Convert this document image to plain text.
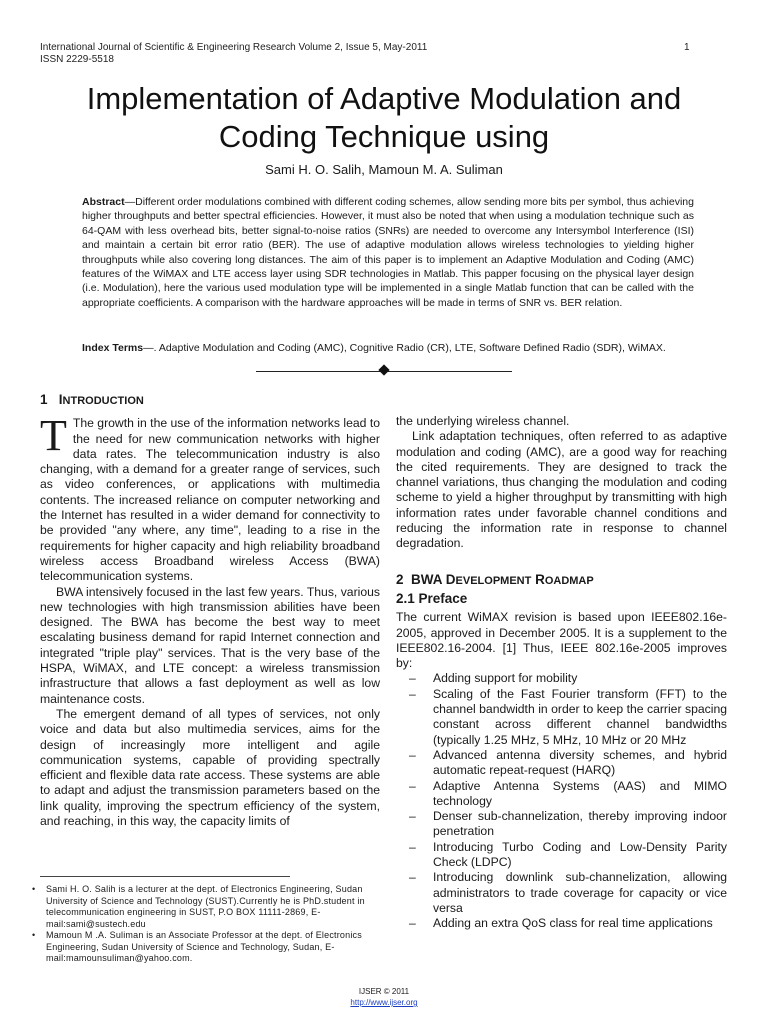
International Journal of Scientific & Engineering Research Volume 2, Issue 5, May-2011
ISSN 2229-5518
1
Implementation of Adaptive Modulation and
Coding Technique using
Sami H. O. Salih, Mamoun M. A. Suliman
Abstract—Different order modulations combined with different coding schemes, allow sending more bits per symbol, thus achieving higher throughputs and better spectral efficiencies. However, it must also be noted that when using a modulation technique such as 64-QAM with less overhead bits, better signal-to-noise ratios (SNRs) are needed to overcome any Intersymbol Interference (ISI) and maintain a certain bit error ratio (BER). The use of adaptive modulation allows wireless technologies to yielding higher throughputs while also covering long distances. The aim of this paper is to implement an Adaptive Modulation and Coding (AMC) features of the WiMAX and LTE access layer using SDR technologies in Matlab. This papper focusing on the physical layer design (i.e. Modulation), here the various used modulation type will be implemented in a single Matlab function that can be called with the appropriate coefficients. A comparison with the hardware approaches will be made in terms of SNR vs. BER relation.
Index Terms—. Adaptive Modulation and Coding (AMC), Cognitive Radio (CR), LTE, Software Defined Radio (SDR), WiMAX.
1 INTRODUCTION

T The growth in the use of the information networks lead to the need for new communication networks with higher data rates. The telecommunication industry is also changing, with a demand for a greater range of services, such as video conferences, or applications with multimedia contents. The increased reliance on computer networking and the Internet has resulted in a wider demand for connectivity to be provided "any where, any time", leading to a rise in the requirements for higher capacity and high reliability broadband wireless access Broadband wireless Access (BWA) telecommunication systems.

BWA intensively focused in the last few years. Thus, various new technologies with high transmission abilities have been designed. The BWA has become the best way to meet escalating business demand for rapid Internet connection and integrated "triple play" services. That is the very base of the HSPA, WiMAX, and LTE concept: a wireless transmission infrastructure that allows a fast deployment as well as low maintenance costs.

The emergent demand of all types of services, not only voice and data but also multimedia services, aims for the design of increasingly more intelligent and agile communication systems, capable of providing spectrally efficient and flexible data rate access. These systems are able to adapt and adjust the transmission parameters based on the link quality, improving the spectrum efficiency of the system, and reaching, in this way, the capacity limits of

the underlying wireless channel.

Link adaptation techniques, often referred to as adaptive modulation and coding (AMC), are a good way for reaching the cited requirements. They are designed to track the channel variations, thus changing the modulation and coding scheme to yield a higher throughput by transmitting with high information rates under favorable channel conditions and reducing the information rate in response to channel degradation.

2 BWA DEVELOPMENT ROADMAP
2.1 Preface

The current WiMAX revision is based upon IEEE802.16e-2005, approved in December 2005. It is a supplement to the IEEE802.16-2004. [1] Thus, IEEE 802.16e-2005 improves by:

– Adding support for mobility
– Scaling of the Fast Fourier transform (FFT) to the channel bandwidth in order to keep the carrier spacing constant across different channel bandwidths (typically 1.25 MHz, 5 MHz, 10 MHz or 20 MHz
– Advanced antenna diversity schemes, and hybrid automatic repeat-request (HARQ)
– Adaptive Antenna Systems (AAS) and MIMO technology
– Denser sub-channelization, thereby improving indoor penetration
– Introducing Turbo Coding and Low-Density Parity Check (LDPC)
– Introducing downlink sub-channelization, allowing administrators to trade coverage for capacity or vice versa
– Adding an extra QoS class for real time applications
• Sami H. O. Salih is a lecturer at the dept. of Electronics Engineering, Sudan University of Science and Technology (SUST).Currently he is PhD.student in telecommunication engineering in SUST, P.O BOX 11111-2869, E-mail:sami@sustech.edu
• Mamoun M .A. Suliman is an Associate Professor at the dept. of Electronics Engineering, Sudan University of Science and Technology, Sudan, E-mail:mamounsuliman@yahoo.com.
IJSER © 2011
http://www.ijser.org
